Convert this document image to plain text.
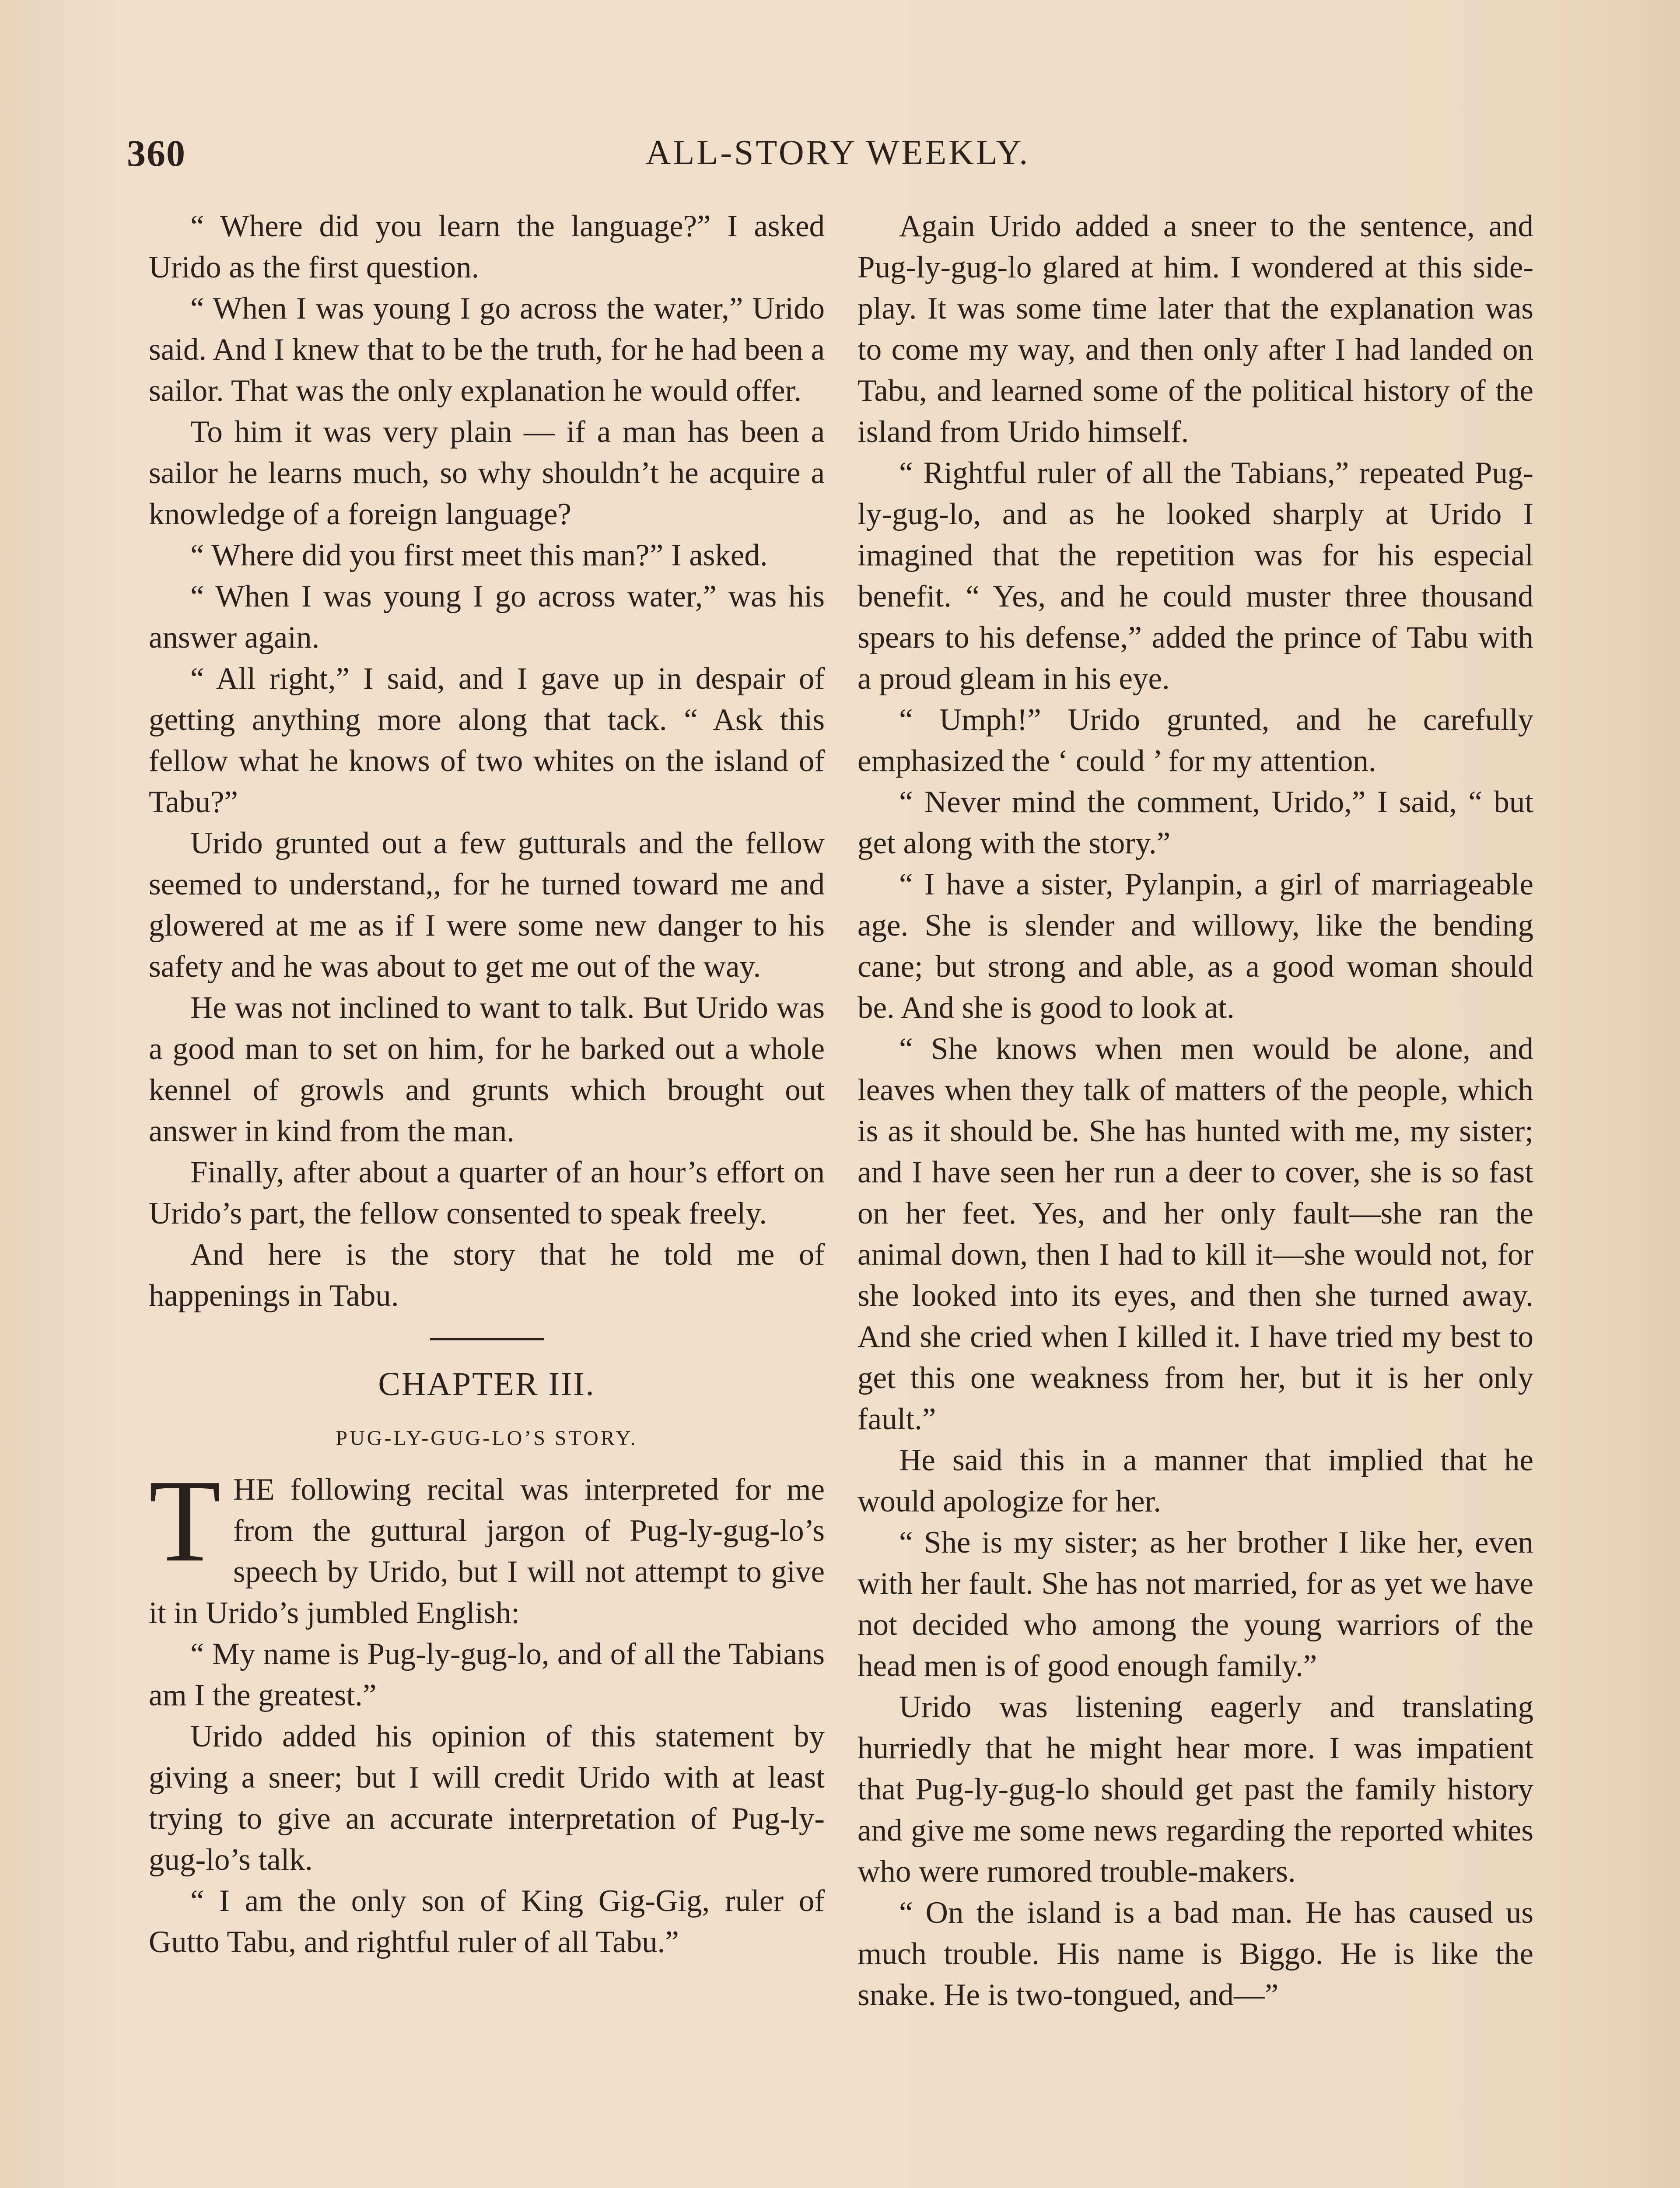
360	ALL-STORY WEEKLY.

“ Where did you learn the language?” I asked Urido as the first question.

“ When I was young I go across the water,” Urido said. And I knew that to be the truth, for he had been a sailor. That was the only explanation he would offer.

To him it was very plain — if a man has been a sailor he learns much, so why shouldn’t he acquire a knowledge of a foreign language?

“ Where did you first meet this man?” I asked.

“ When I was young I go across water,” was his answer again.

“ All right,” I said, and I gave up in despair of getting anything more along that tack. “ Ask this fellow what he knows of two whites on the island of Tabu?”

Urido grunted out a few gutturals and the fellow seemed to understand,, for he turned toward me and glowered at me as if I were some new danger to his safety and he was about to get me out of the way.

He was not inclined to want to talk. But Urido was a good man to set on him, for he barked out a whole kennel of growls and grunts which brought out answer in kind from the man.

Finally, after about a quarter of an hour’s effort on Urido’s part, the fellow consented to speak freely.

And here is the story that he told me of happenings in Tabu.

CHAPTER III.
PUG-LY-GUG-LO’S STORY.

THE following recital was interpreted for me from the guttural jargon of Pug-ly-gug-lo’s speech by Urido, but I will not attempt to give it in Urido’s jumbled English:

“ My name is Pug-ly-gug-lo, and of all the Tabians am I the greatest.”

Urido added his opinion of this statement by giving a sneer; but I will credit Urido with at least trying to give an accurate interpretation of Pug-ly-gug-lo’s talk.

“ I am the only son of King Gig-Gig, ruler of Gutto Tabu, and rightful ruler of all Tabu.”

Again Urido added a sneer to the sentence, and Pug-ly-gug-lo glared at him. I wondered at this side-play. It was some time later that the explanation was to come my way, and then only after I had landed on Tabu, and learned some of the political history of the island from Urido himself.

“ Rightful ruler of all the Tabians,” repeated Pug-ly-gug-lo, and as he looked sharply at Urido I imagined that the repetition was for his especial benefit. “ Yes, and he could muster three thousand spears to his defense,” added the prince of Tabu with a proud gleam in his eye.

“ Umph!” Urido grunted, and he carefully emphasized the ‘ could ’ for my attention.

“ Never mind the comment, Urido,” I said, “ but get along with the story.”

“ I have a sister, Pylanpin, a girl of marriageable age. She is slender and willowy, like the bending cane; but strong and able, as a good woman should be. And she is good to look at.

“ She knows when men would be alone, and leaves when they talk of matters of the people, which is as it should be. She has hunted with me, my sister; and I have seen her run a deer to cover, she is so fast on her feet. Yes, and her only fault—she ran the animal down, then I had to kill it—she would not, for she looked into its eyes, and then she turned away. And she cried when I killed it. I have tried my best to get this one weakness from her, but it is her only fault.”

He said this in a manner that implied that he would apologize for her.

“ She is my sister; as her brother I like her, even with her fault. She has not married, for as yet we have not decided who among the young warriors of the head men is of good enough family.”

Urido was listening eagerly and translating hurriedly that he might hear more. I was impatient that Pug-ly-gug-lo should get past the family history and give me some news regarding the reported whites who were rumored trouble-makers.

“ On the island is a bad man. He has caused us much trouble. His name is Biggo. He is like the snake. He is two-tongued, and—”
